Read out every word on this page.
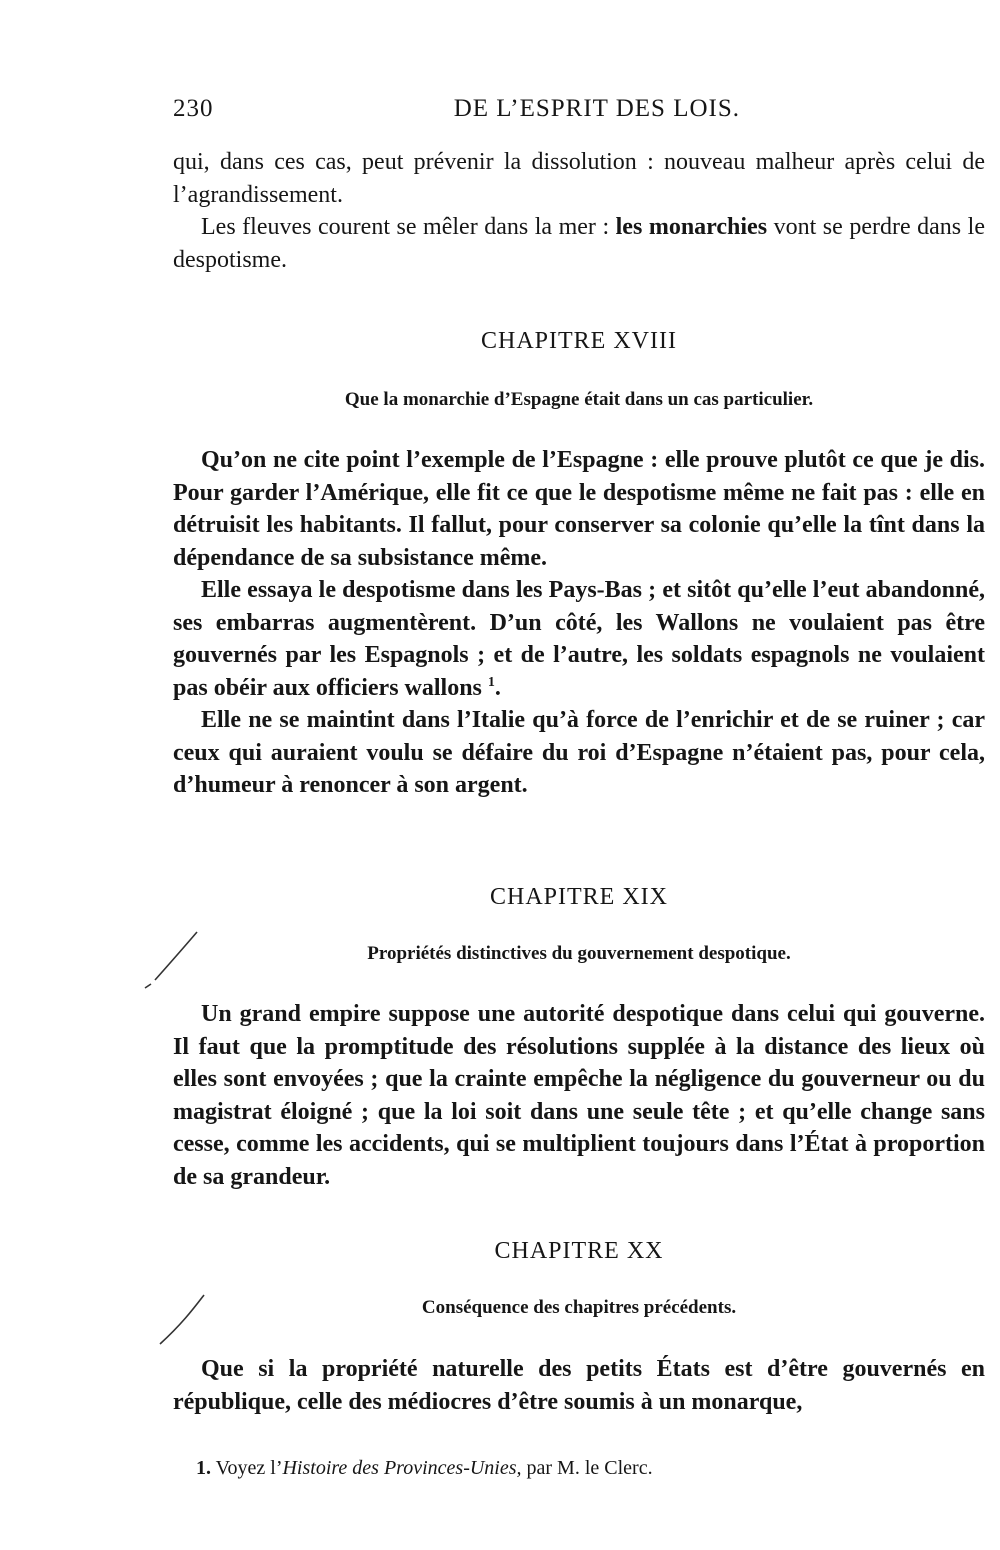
230	DE L’ESPRIT DES LOIS.

qui, dans ces cas, peut prévenir la dissolution : nouveau malheur après celui de l’agrandissement.

Les fleuves courent se mêler dans la mer : les monarchies vont se perdre dans le despotisme.

CHAPITRE XVIII
Que la monarchie d’Espagne était dans un cas particulier.

Qu’on ne cite point l’exemple de l’Espagne : elle prouve plutôt ce que je dis. Pour garder l’Amérique, elle fit ce que le despotisme même ne fait pas : elle en détruisit les habitants. Il fallut, pour conserver sa colonie qu’elle la tînt dans la dépendance de sa subsistance même.

Elle essaya le despotisme dans les Pays-Bas ; et sitôt qu’elle l’eut abandonné, ses embarras augmentèrent. D’un côté, les Wallons ne voulaient pas être gouvernés par les Espagnols ; et de l’autre, les soldats espagnols ne voulaient pas obéir aux officiers wallons $^1$.

Elle ne se maintint dans l’Italie qu’à force de l’enrichir et de se ruiner ; car ceux qui auraient voulu se défaire du roi d’Espagne n’étaient pas, pour cela, d’humeur à renoncer à son argent.

CHAPITRE XIX
Propriétés distinctives du gouvernement despotique.

Un grand empire suppose une autorité despotique dans celui qui gouverne. Il faut que la promptitude des résolutions supplée à la distance des lieux où elles sont envoyées ; que la crainte empêche la négligence du gouverneur ou du magistrat éloigné ; que la loi soit dans une seule tête ; et qu’elle change sans cesse, comme les accidents, qui se multiplient toujours dans l’État à proportion de sa grandeur.

CHAPITRE XX
Conséquence des chapitres précédents.

Que si la propriété naturelle des petits États est d’être gouvernés en république, celle des médiocres d’être soumis à un monarque,

1. Voyez l’Histoire des Provinces-Unies, par M. le Clerc.
